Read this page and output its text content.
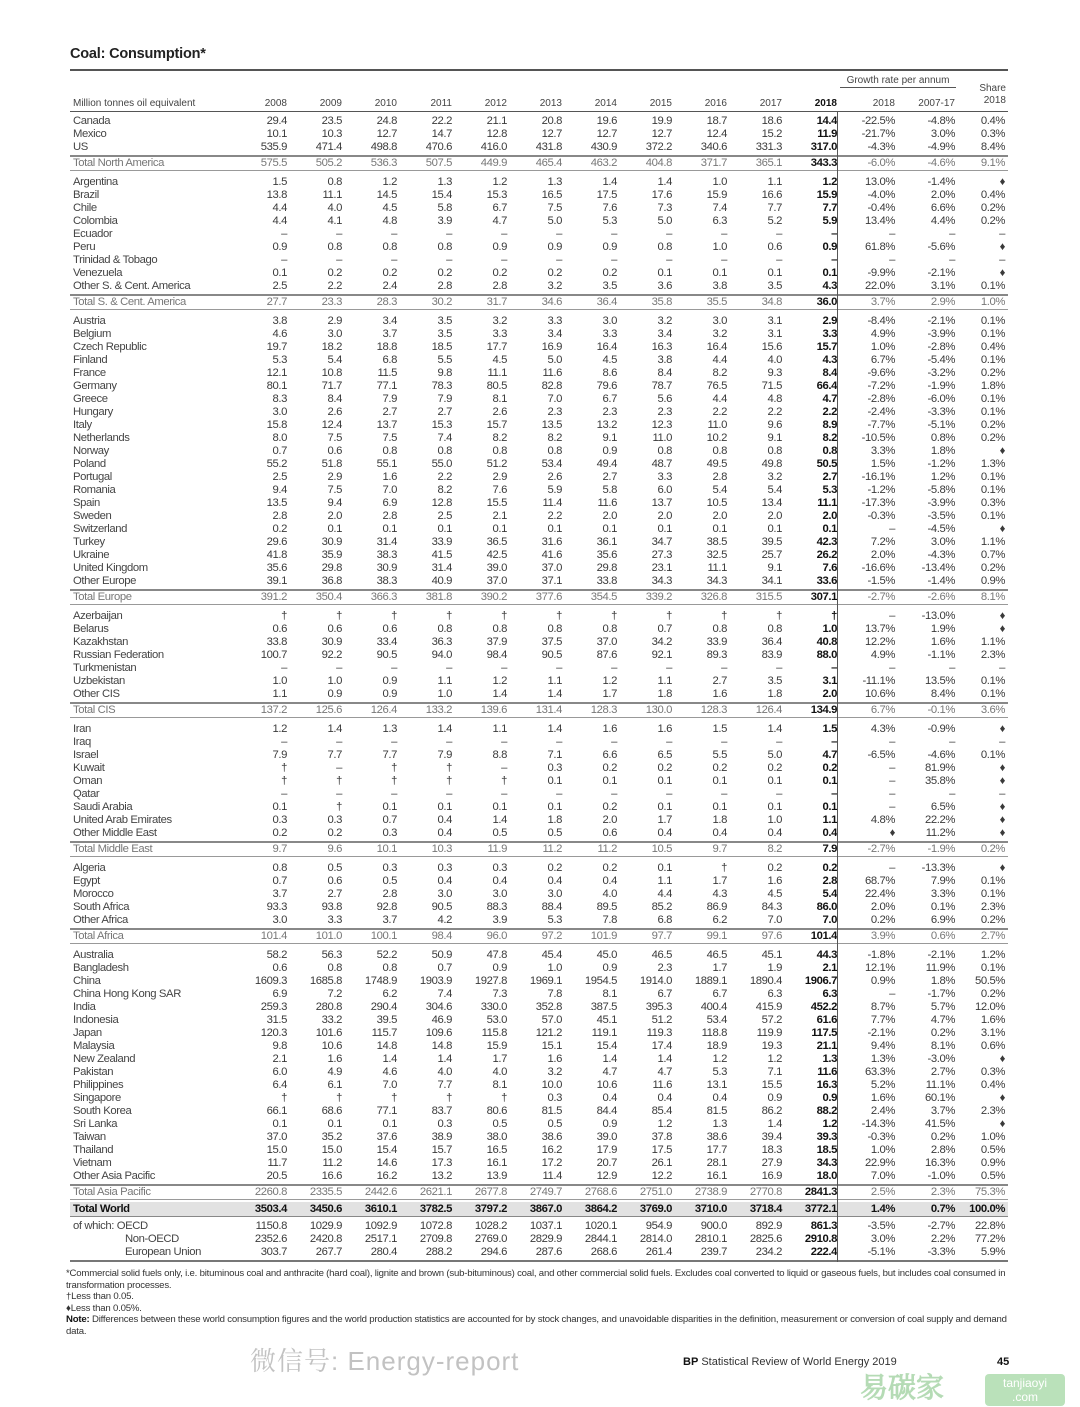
Coal: Consumption*
Million tonnes oil equivalent
Growth rate per annum
2018	2007-17
Share
2018
2008	2009	2010	2011	2012	2013	2014	2015	2016	2017	2018
Canada	29.4	23.5	24.8	22.2	21.1	20.8	19.6	19.9	18.7	18.6	14.4	-22.5%	-4.8%	0.4%
Mexico	10.1	10.3	12.7	14.7	12.8	12.7	12.7	12.7	12.4	15.2	11.9	-21.7%	3.0%	0.3%
US	535.9	471.4	498.8	470.6	416.0	431.8	430.9	372.2	340.6	331.3	317.0	-4.3%	-4.9%	8.4%
Total North America	575.5	505.2	536.3	507.5	449.9	465.4	463.2	404.8	371.7	365.1	343.3	-6.0%	-4.6%	9.1%
Argentina	1.5	0.8	1.2	1.3	1.2	1.3	1.4	1.4	1.0	1.1	1.2	13.0%	-1.4%	♦
Brazil	13.8	11.1	14.5	15.4	15.3	16.5	17.5	17.6	15.9	16.6	15.9	-4.0%	2.0%	0.4%
Chile	4.4	4.0	4.5	5.8	6.7	7.5	7.6	7.3	7.4	7.7	7.7	-0.4%	6.6%	0.2%
Colombia	4.4	4.1	4.8	3.9	4.7	5.0	5.3	5.0	6.3	5.2	5.9	13.4%	4.4%	0.2%
Ecuador	–	–	–	–	–	–	–	–	–	–	–	–	–	–
Peru	0.9	0.8	0.8	0.8	0.9	0.9	0.9	0.8	1.0	0.6	0.9	61.8%	-5.6%	♦
Trinidad & Tobago	–	–	–	–	–	–	–	–	–	–	–	–	–	–
Venezuela	0.1	0.2	0.2	0.2	0.2	0.2	0.2	0.1	0.1	0.1	0.1	-9.9%	-2.1%	♦
Other S. & Cent. America	2.5	2.2	2.4	2.8	2.8	3.2	3.5	3.6	3.8	3.5	4.3	22.0%	3.1%	0.1%
Total S. & Cent. America	27.7	23.3	28.3	30.2	31.7	34.6	36.4	35.8	35.5	34.8	36.0	3.7%	2.9%	1.0%
Austria	3.8	2.9	3.4	3.5	3.2	3.3	3.0	3.2	3.0	3.1	2.9	-8.4%	-2.1%	0.1%
Belgium	4.6	3.0	3.7	3.5	3.3	3.4	3.3	3.4	3.2	3.1	3.3	4.9%	-3.9%	0.1%
Czech Republic	19.7	18.2	18.8	18.5	17.7	16.9	16.4	16.3	16.4	15.6	15.7	1.0%	-2.8%	0.4%
Finland	5.3	5.4	6.8	5.5	4.5	5.0	4.5	3.8	4.4	4.0	4.3	6.7%	-5.4%	0.1%
France	12.1	10.8	11.5	9.8	11.1	11.6	8.6	8.4	8.2	9.3	8.4	-9.6%	-3.2%	0.2%
Germany	80.1	71.7	77.1	78.3	80.5	82.8	79.6	78.7	76.5	71.5	66.4	-7.2%	-1.9%	1.8%
Greece	8.3	8.4	7.9	7.9	8.1	7.0	6.7	5.6	4.4	4.8	4.7	-2.8%	-6.0%	0.1%
Hungary	3.0	2.6	2.7	2.7	2.6	2.3	2.3	2.3	2.2	2.2	2.2	-2.4%	-3.3%	0.1%
Italy	15.8	12.4	13.7	15.3	15.7	13.5	13.2	12.3	11.0	9.6	8.9	-7.7%	-5.1%	0.2%
Netherlands	8.0	7.5	7.5	7.4	8.2	8.2	9.1	11.0	10.2	9.1	8.2	-10.5%	0.8%	0.2%
Norway	0.7	0.6	0.8	0.8	0.8	0.8	0.9	0.8	0.8	0.8	0.8	3.3%	1.8%	♦
Poland	55.2	51.8	55.1	55.0	51.2	53.4	49.4	48.7	49.5	49.8	50.5	1.5%	-1.2%	1.3%
Portugal	2.5	2.9	1.6	2.2	2.9	2.6	2.7	3.3	2.8	3.2	2.7	-16.1%	1.2%	0.1%
Romania	9.4	7.5	7.0	8.2	7.6	5.9	5.8	6.0	5.4	5.4	5.3	-1.2%	-5.8%	0.1%
Spain	13.5	9.4	6.9	12.8	15.5	11.4	11.6	13.7	10.5	13.4	11.1	-17.3%	-3.9%	0.3%
Sweden	2.8	2.0	2.8	2.5	2.1	2.2	2.0	2.0	2.0	2.0	2.0	-0.3%	-3.5%	0.1%
Switzerland	0.2	0.1	0.1	0.1	0.1	0.1	0.1	0.1	0.1	0.1	0.1	–	-4.5%	♦
Turkey	29.6	30.9	31.4	33.9	36.5	31.6	36.1	34.7	38.5	39.5	42.3	7.2%	3.0%	1.1%
Ukraine	41.8	35.9	38.3	41.5	42.5	41.6	35.6	27.3	32.5	25.7	26.2	2.0%	-4.3%	0.7%
United Kingdom	35.6	29.8	30.9	31.4	39.0	37.0	29.8	23.1	11.1	9.1	7.6	-16.6%	-13.4%	0.2%
Other Europe	39.1	36.8	38.3	40.9	37.0	37.1	33.8	34.3	34.3	34.1	33.6	-1.5%	-1.4%	0.9%
Total Europe	391.2	350.4	366.3	381.8	390.2	377.6	354.5	339.2	326.8	315.5	307.1	-2.7%	-2.6%	8.1%
Azerbaijan	†	†	†	†	†	†	†	†	†	†	†	–	-13.0%	♦
Belarus	0.6	0.6	0.6	0.8	0.8	0.8	0.8	0.7	0.8	0.8	1.0	13.7%	1.9%	♦
Kazakhstan	33.8	30.9	33.4	36.3	37.9	37.5	37.0	34.2	33.9	36.4	40.8	12.2%	1.6%	1.1%
Russian Federation	100.7	92.2	90.5	94.0	98.4	90.5	87.6	92.1	89.3	83.9	88.0	4.9%	-1.1%	2.3%
Turkmenistan	–	–	–	–	–	–	–	–	–	–	–	–	–	–
Uzbekistan	1.0	1.0	0.9	1.1	1.2	1.1	1.2	1.1	2.7	3.5	3.1	-11.1%	13.5%	0.1%
Other CIS	1.1	0.9	0.9	1.0	1.4	1.4	1.7	1.8	1.6	1.8	2.0	10.6%	8.4%	0.1%
Total CIS	137.2	125.6	126.4	133.2	139.6	131.4	128.3	130.0	128.3	126.4	134.9	6.7%	-0.1%	3.6%
Iran	1.2	1.4	1.3	1.4	1.1	1.4	1.6	1.6	1.5	1.4	1.5	4.3%	-0.9%	♦
Iraq	–	–	–	–	–	–	–	–	–	–	–	–	–	–
Israel	7.9	7.7	7.7	7.9	8.8	7.1	6.6	6.5	5.5	5.0	4.7	-6.5%	-4.6%	0.1%
Kuwait	†	–	†	†	–	0.3	0.2	0.2	0.2	0.2	0.2	–	81.9%	♦
Oman	†	†	†	†	†	0.1	0.1	0.1	0.1	0.1	0.1	–	35.8%	♦
Qatar	–	–	–	–	–	–	–	–	–	–	–	–	–	–
Saudi Arabia	0.1	†	0.1	0.1	0.1	0.1	0.2	0.1	0.1	0.1	0.1	–	6.5%	♦
United Arab Emirates	0.3	0.3	0.7	0.4	1.4	1.8	2.0	1.7	1.8	1.0	1.1	4.8%	22.2%	♦
Other Middle East	0.2	0.2	0.3	0.4	0.5	0.5	0.6	0.4	0.4	0.4	0.4	♦	11.2%	♦
Total Middle East	9.7	9.6	10.1	10.3	11.9	11.2	11.2	10.5	9.7	8.2	7.9	-2.7%	-1.9%	0.2%
Algeria	0.8	0.5	0.3	0.3	0.3	0.2	0.2	0.1	†	0.2	0.2	–	-13.3%	♦
Egypt	0.7	0.6	0.5	0.4	0.4	0.4	0.4	1.1	1.7	1.6	2.8	68.7%	7.9%	0.1%
Morocco	3.7	2.7	2.8	3.0	3.0	3.0	4.0	4.4	4.3	4.5	5.4	22.4%	3.3%	0.1%
South Africa	93.3	93.8	92.8	90.5	88.3	88.4	89.5	85.2	86.9	84.3	86.0	2.0%	0.1%	2.3%
Other Africa	3.0	3.3	3.7	4.2	3.9	5.3	7.8	6.8	6.2	7.0	7.0	0.2%	6.9%	0.2%
Total Africa	101.4	101.0	100.1	98.4	96.0	97.2	101.9	97.7	99.1	97.6	101.4	3.9%	0.6%	2.7%
Australia	58.2	56.3	52.2	50.9	47.8	45.4	45.0	46.5	46.5	45.1	44.3	-1.8%	-2.1%	1.2%
Bangladesh	0.6	0.8	0.8	0.7	0.9	1.0	0.9	2.3	1.7	1.9	2.1	12.1%	11.9%	0.1%
China	1609.3	1685.8	1748.9	1903.9	1927.8	1969.1	1954.5	1914.0	1889.1	1890.4	1906.7	0.9%	1.8%	50.5%
China Hong Kong SAR	6.9	7.2	6.2	7.4	7.3	7.8	8.1	6.7	6.7	6.3	6.3	–	-1.7%	0.2%
India	259.3	280.8	290.4	304.6	330.0	352.8	387.5	395.3	400.4	415.9	452.2	8.7%	5.7%	12.0%
Indonesia	31.5	33.2	39.5	46.9	53.0	57.0	45.1	51.2	53.4	57.2	61.6	7.7%	4.7%	1.6%
Japan	120.3	101.6	115.7	109.6	115.8	121.2	119.1	119.3	118.8	119.9	117.5	-2.1%	0.2%	3.1%
Malaysia	9.8	10.6	14.8	14.8	15.9	15.1	15.4	17.4	18.9	19.3	21.1	9.4%	8.1%	0.6%
New Zealand	2.1	1.6	1.4	1.4	1.7	1.6	1.4	1.4	1.2	1.2	1.3	1.3%	-3.0%	♦
Pakistan	6.0	4.9	4.6	4.0	4.0	3.2	4.7	4.7	5.3	7.1	11.6	63.3%	2.7%	0.3%
Philippines	6.4	6.1	7.0	7.7	8.1	10.0	10.6	11.6	13.1	15.5	16.3	5.2%	11.1%	0.4%
Singapore	†	†	†	†	†	0.3	0.4	0.4	0.4	0.9	0.9	1.6%	60.1%	♦
South Korea	66.1	68.6	77.1	83.7	80.6	81.5	84.4	85.4	81.5	86.2	88.2	2.4%	3.7%	2.3%
Sri Lanka	0.1	0.1	0.1	0.3	0.5	0.5	0.9	1.2	1.3	1.4	1.2	-14.3%	41.5%	♦
Taiwan	37.0	35.2	37.6	38.9	38.0	38.6	39.0	37.8	38.6	39.4	39.3	-0.3%	0.2%	1.0%
Thailand	15.0	15.0	15.4	15.7	16.5	16.2	17.9	17.5	17.7	18.3	18.5	1.0%	2.8%	0.5%
Vietnam	11.7	11.2	14.6	17.3	16.1	17.2	20.7	26.1	28.1	27.9	34.3	22.9%	16.3%	0.9%
Other Asia Pacific	20.5	16.6	16.2	13.2	13.9	11.4	12.9	12.2	16.1	16.9	18.0	7.0%	-1.0%	0.5%
Total Asia Pacific	2260.8	2335.5	2442.6	2621.1	2677.8	2749.7	2768.6	2751.0	2738.9	2770.8	2841.3	2.5%	2.3%	75.3%
Total World	3503.4	3450.6	3610.1	3782.5	3797.2	3867.0	3864.2	3769.0	3710.0	3718.4	3772.1	1.4%	0.7%	100.0%
of which: OECD	1150.8	1029.9	1092.9	1072.8	1028.2	1037.1	1020.1	954.9	900.0	892.9	861.3	-3.5%	-2.7%	22.8%
Non-OECD	2352.6	2420.8	2517.1	2709.8	2769.0	2829.9	2844.1	2814.0	2810.1	2825.6	2910.8	3.0%	2.2%	77.2%
European Union	303.7	267.7	280.4	288.2	294.6	287.6	268.6	261.4	239.7	234.2	222.4	-5.1%	-3.3%	5.9%
*Commercial solid fuels only, i.e. bituminous coal and anthracite (hard coal), lignite and brown (sub-bituminous) coal, and other commercial solid fuels. Excludes coal converted to liquid or gaseous fuels, but includes coal consumed in transformation processes.
†Less than 0.05.
♦Less than 0.05%.
Note: Differences between these world consumption figures and the world production statistics are accounted for by stock changes, and unavoidable disparities in the definition, measurement or conversion of coal supply and demand data.
微信号: Energy-report	BP Statistical Review of World Energy 2019	45
易碳家	tanjiaoyi
.com
